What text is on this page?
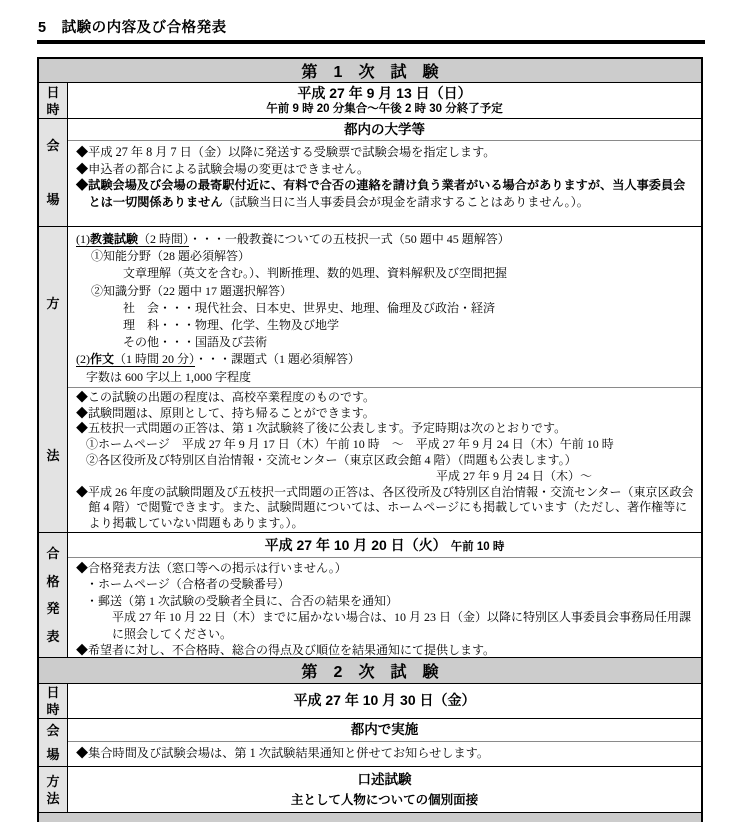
5　試験の内容及び合格発表
第　1　次　試　験
日
時
平成 27 年 9 月 13 日（日）
午前 9 時 20 分集合～午後 2 時 30 分終了予定
会
場
都内の大学等
◆平成 27 年 8 月 7 日（金）以降に発送する受験票で試験会場を指定します。
◆申込者の都合による試験会場の変更はできません。
◆試験会場及び会場の最寄駅付近に、有料で合否の連絡を請け負う業者がいる場合がありますが、当人事委員会とは一切関係ありません（試験当日に当人事委員会が現金を請求することはありません。）。
方
法
(1)教養試験（2 時間）・・・一般教養についての五枝択一式（50 題中 45 題解答）
①知能分野（28 題必須解答）
文章理解（英文を含む。）、判断推理、数的処理、資料解釈及び空間把握
②知識分野（22 題中 17 題選択解答）
社　会・・・現代社会、日本史、世界史、地理、倫理及び政治・経済
理　科・・・物理、化学、生物及び地学
その他・・・国語及び芸術
(2)作文（1 時間 20 分）・・・課題式（1 題必須解答）
字数は 600 字以上 1,000 字程度
◆この試験の出題の程度は、高校卒業程度のものです。
◆試験問題は、原則として、持ち帰ることができます。
◆五枝択一式問題の正答は、第 1 次試験終了後に公表します。予定時期は次のとおりです。
①ホームページ　平成 27 年 9 月 17 日（木）午前 10 時　～　平成 27 年 9 月 24 日（木）午前 10 時
②各区役所及び特別区自治情報・交流センター（東京区政会館 4 階）（問題も公表します。）
平成 27 年 9 月 24 日（木）～
◆平成 26 年度の試験問題及び五枝択一式問題の正答は、各区役所及び特別区自治情報・交流センター（東京区政会館 4 階）で閲覧できます。また、試験問題については、ホームページにも掲載しています（ただし、著作権等により掲載していない問題もあります。）。
合
格
発
表
平成 27 年 10 月 20 日（火） 午前 10 時
◆合格発表方法（窓口等への掲示は行いません。）
・ホームページ（合格者の受験番号）
・郵送（第 1 次試験の受験者全員に、合否の結果を通知）
平成 27 年 10 月 22 日（木）までに届かない場合は、10 月 23 日（金）以降に特別区人事委員会事務局任用課に照会してください。
◆希望者に対し、不合格時、総合の得点及び順位を結果通知にて提供します。
第　2　次　試　験
日
時
平成 27 年 10 月 30 日（金）
会
場
都内で実施
◆集合時間及び試験会場は、第 1 次試験結果通知と併せてお知らせします。
方
法
口述試験
主として人物についての個別面接
